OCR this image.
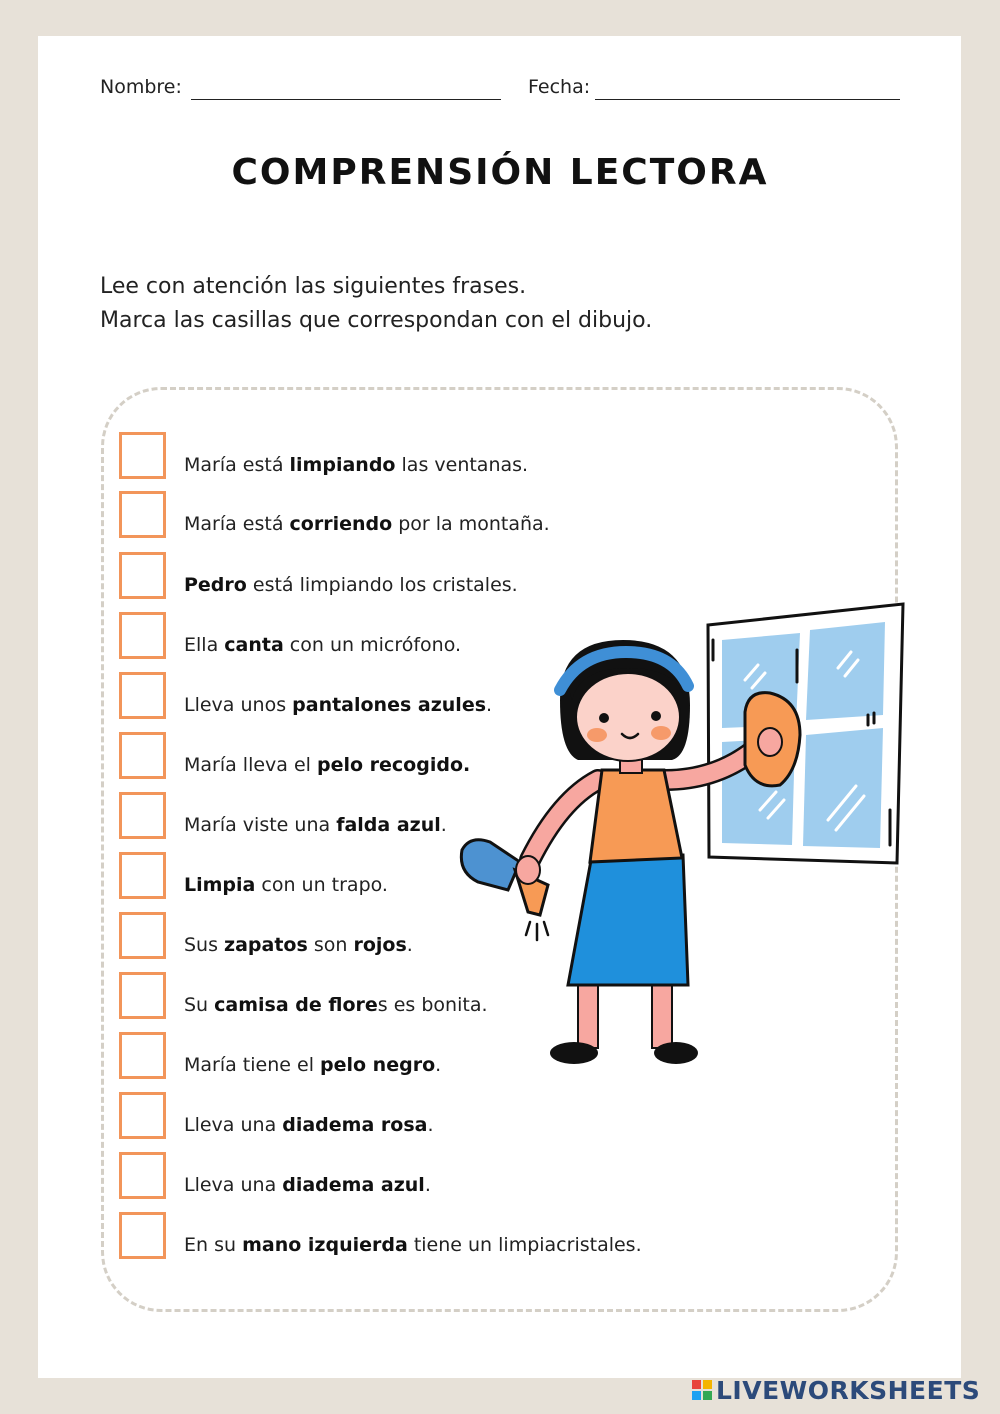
Nombre:	Fecha:
COMPRENSIÓN LECTORA
Lee con atención las siguientes frases.
Marca las casillas que correspondan con el dibujo.
María está limpiando las ventanas.
María está corriendo por la montaña.
Pedro está limpiando los cristales.
Ella canta con un micrófono.
Lleva unos pantalones azules.
María lleva el pelo recogido.
María viste una falda azul.
Limpia con un trapo.
Sus zapatos son rojos.
Su camisa de flores es bonita.
María tiene el pelo negro.
Lleva una diadema rosa.
Lleva una diadema azul.
En su mano izquierda tiene un limpiacristales.
LIVEWORKSHEETS
